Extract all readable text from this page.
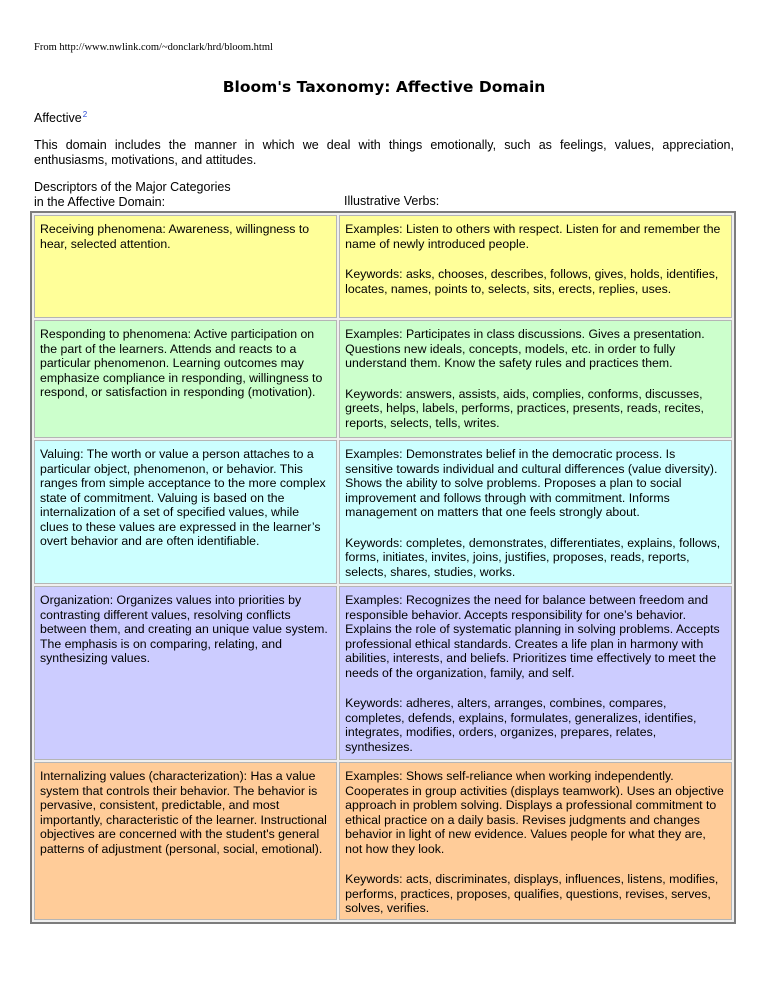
From http://www.nwlink.com/~donclark/hrd/bloom.html
Bloom's Taxonomy: Affective Domain
Affective$^2$
This domain includes the manner in which we deal with things emotionally, such as feelings, values, appreciation, enthusiasms, motivations, and attitudes.
Descriptors of the Major Categories
in the Affective Domain:	Illustrative Verbs:

Receiving phenomena: Awareness, willingness to hear, selected attention.

Examples: Listen to others with respect. Listen for and remember the name of newly introduced people.

Keywords: asks, chooses, describes, follows, gives, holds, identifies, locates, names, points to, selects, sits, erects, replies, uses.

Responding to phenomena: Active participation on the part of the learners. Attends and reacts to a particular phenomenon. Learning outcomes may emphasize compliance in responding, willingness to respond, or satisfaction in responding (motivation).

Examples: Participates in class discussions. Gives a presentation. Questions new ideals, concepts, models, etc. in order to fully understand them. Know the safety rules and practices them.

Keywords: answers, assists, aids, complies, conforms, discusses, greets, helps, labels, performs, practices, presents, reads, recites, reports, selects, tells, writes.

Valuing: The worth or value a person attaches to a particular object, phenomenon, or behavior. This ranges from simple acceptance to the more complex state of commitment. Valuing is based on the internalization of a set of specified values, while clues to these values are expressed in the learner’s overt behavior and are often identifiable.

Examples: Demonstrates belief in the democratic process. Is sensitive towards individual and cultural differences (value diversity). Shows the ability to solve problems. Proposes a plan to social improvement and follows through with commitment. Informs management on matters that one feels strongly about.

Keywords: completes, demonstrates, differentiates, explains, follows, forms, initiates, invites, joins, justifies, proposes, reads, reports, selects, shares, studies, works.

Organization: Organizes values into priorities by contrasting different values, resolving conflicts between them, and creating an unique value system. The emphasis is on comparing, relating, and synthesizing values.

Examples: Recognizes the need for balance between freedom and responsible behavior. Accepts responsibility for one’s behavior. Explains the role of systematic planning in solving problems. Accepts professional ethical standards. Creates a life plan in harmony with abilities, interests, and beliefs. Prioritizes time effectively to meet the needs of the organization, family, and self.

Keywords: adheres, alters, arranges, combines, compares, completes, defends, explains, formulates, generalizes, identifies, integrates, modifies, orders, organizes, prepares, relates, synthesizes.

Internalizing values (characterization): Has a value system that controls their behavior. The behavior is pervasive, consistent, predictable, and most importantly, characteristic of the learner. Instructional objectives are concerned with the student's general patterns of adjustment (personal, social, emotional).

Examples: Shows self-reliance when working independently. Cooperates in group activities (displays teamwork). Uses an objective approach in problem solving. Displays a professional commitment to ethical practice on a daily basis. Revises judgments and changes behavior in light of new evidence. Values people for what they are, not how they look.

Keywords: acts, discriminates, displays, influences, listens, modifies, performs, practices, proposes, qualifies, questions, revises, serves, solves, verifies.
